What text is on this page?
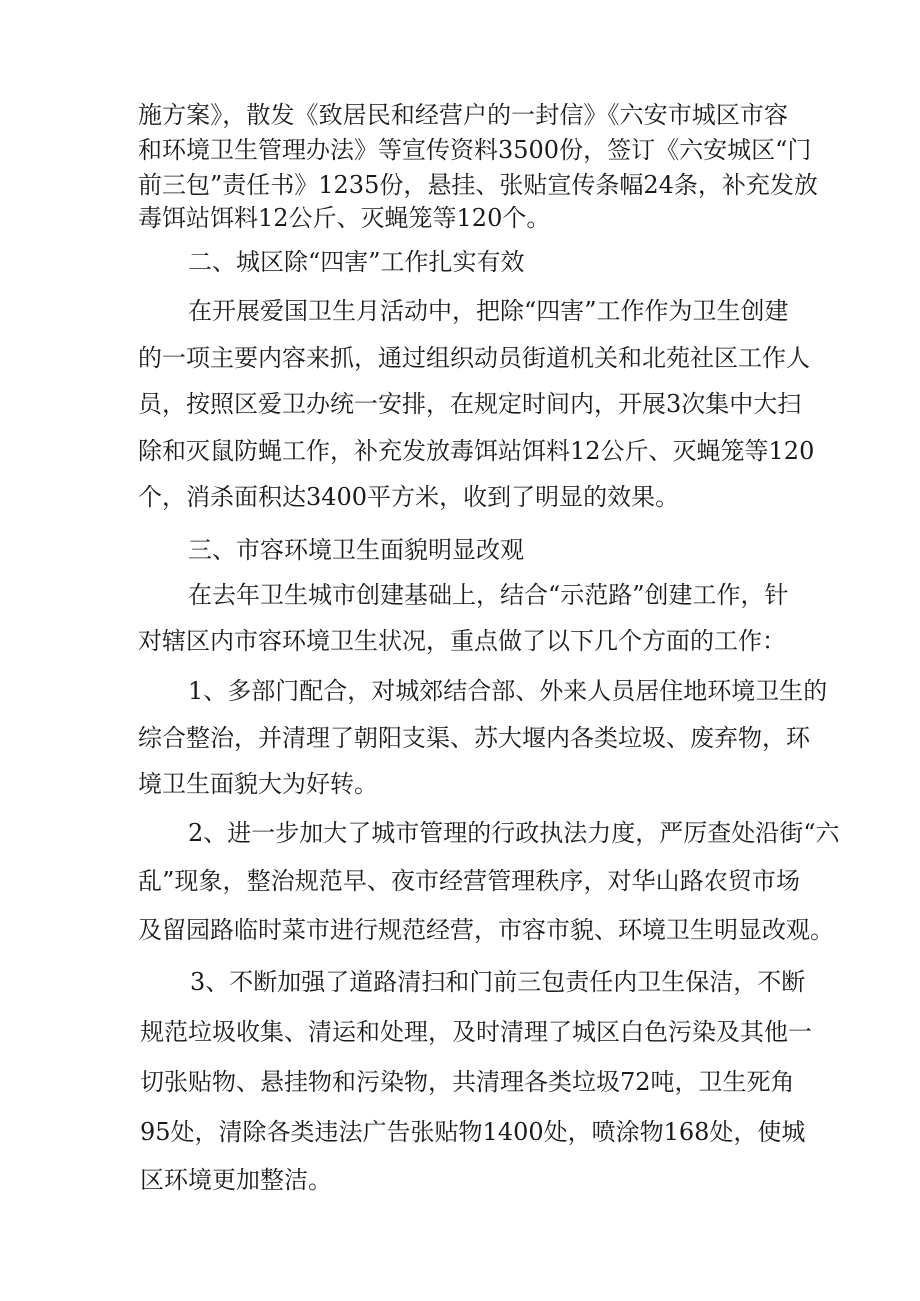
施方案》，散发《致居民和经营户的一封信》《六安市城区市容
和环境卫生管理办法》等宣传资料3500份，签订《六安城区“门
前三包”责任书》1235份，悬挂、张贴宣传条幅24条，补充发放
毒饵站饵料12公斤、灭蝇笼等120个。
二、城区除“四害”工作扎实有效
在开展爱国卫生月活动中，把除“四害”工作作为卫生创建
的一项主要内容来抓，通过组织动员街道机关和北苑社区工作人
员，按照区爱卫办统一安排，在规定时间内，开展3次集中大扫
除和灭鼠防蝇工作，补充发放毒饵站饵料12公斤、灭蝇笼等120
个，消杀面积达3400平方米，收到了明显的效果。
三、市容环境卫生面貌明显改观
在去年卫生城市创建基础上，结合“示范路”创建工作，针
对辖区内市容环境卫生状况，重点做了以下几个方面的工作：
1、多部门配合，对城郊结合部、外来人员居住地环境卫生的
综合整治，并清理了朝阳支渠、苏大堰内各类垃圾、废弃物，环
境卫生面貌大为好转。
2、进一步加大了城市管理的行政执法力度，严厉查处沿街“六
乱”现象，整治规范早、夜市经营管理秩序，对华山路农贸市场
及留园路临时菜市进行规范经营，市容市貌、环境卫生明显改观。
3、不断加强了道路清扫和门前三包责任内卫生保洁，不断
规范垃圾收集、清运和处理，及时清理了城区白色污染及其他一
切张贴物、悬挂物和污染物，共清理各类垃圾72吨，卫生死角
95处，清除各类违法广告张贴物1400处，喷涂物168处，使城
区环境更加整洁。
